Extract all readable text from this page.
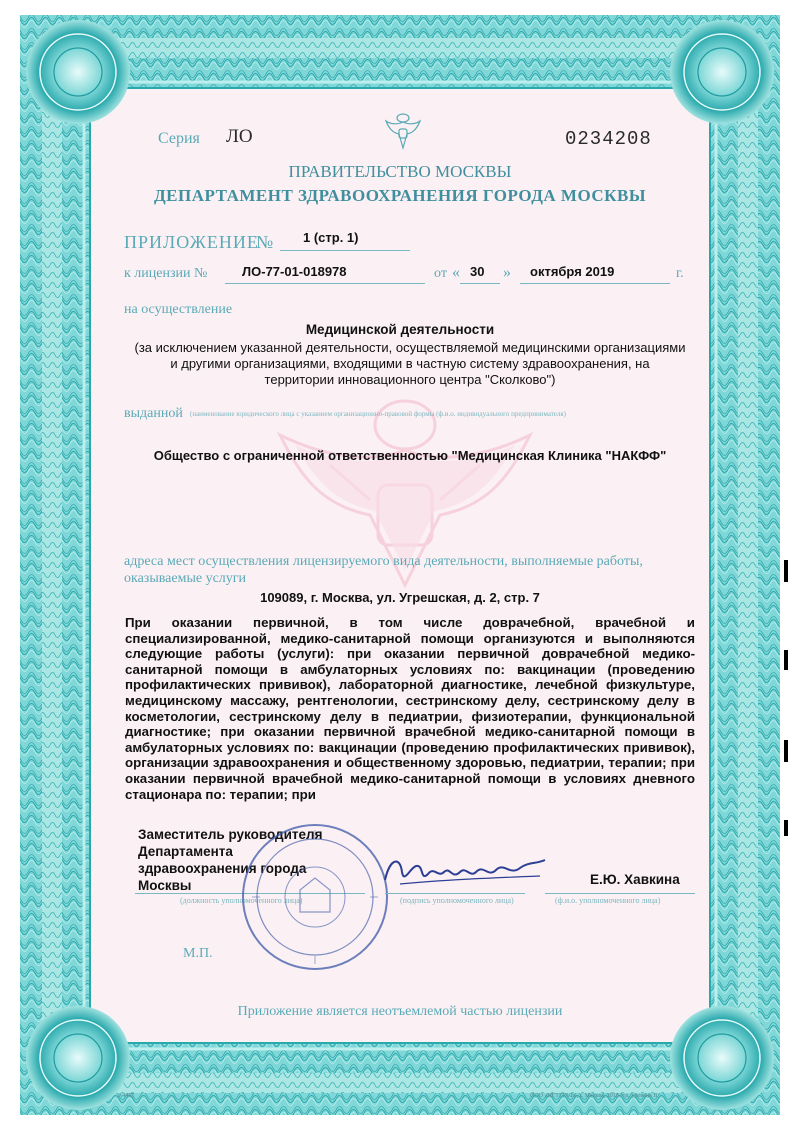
Серия ЛО	0234208
ПРАВИТЕЛЬСТВО МОСКВЫ
ДЕПАРТАМЕНТ ЗДРАВООХРАНЕНИЯ ГОРОДА МОСКВЫ
ПРИЛОЖЕНИЕ
№ 1 (стр. 1)
к лицензии №	ЛО-77-01-018978	от « 30 » октября 2019	г.
на осуществление
Медицинской деятельности
(за исключением указанной деятельности, осуществляемой медицинскими организациями
и другими организациями, входящими в частную систему здравоохранения, на
территории инновационного центра "Сколково")
выданной (наименование юридического лица с указанием организационно-правовой формы (ф.и.о. индивидуального предпринимателя)
Общество с ограниченной ответственностью "Медицинская Клиника "НАКФФ"
адреса мест осуществления лицензируемого вида деятельности, выполняемые работы,
оказываемые услуги
109089, г. Москва, ул. Угрешская, д. 2, стр. 7
При оказании первичной, в том числе доврачебной, врачебной и специализированной, медико-санитарной помощи организуются и выполняются следующие работы (услуги): при оказании первичной доврачебной медико-санитарной помощи в амбулаторных условиях по: вакцинации (проведению профилактических прививок), лабораторной диагностике, лечебной физкультуре, медицинскому массажу, рентгенологии, сестринскому делу, сестринскому делу в косметологии, сестринскому делу в педиатрии, физиотерапии, функциональной диагностике; при оказании первичной врачебной медико-санитарной помощи в амбулаторных условиях по: вакцинации (проведению профилактических прививок), организации здравоохранения и общественному здоровью, педиатрии, терапии; при оказании первичной врачебной медико-санитарной помощи в условиях дневного стационара по: терапии; при
Заместитель руководителя
Департамента
здравоохранения города
Москвы
(должность уполномоченного лица)	(подпись уполномоченного лица)
Е.Ю. Хавкина
(ф.и.о. уполномоченного лица)
М.П.
Приложение является неотъемлемой частью лицензии
А4407	ООО «НГТГРАФ», г. Москва, 2018 год, уровень В
